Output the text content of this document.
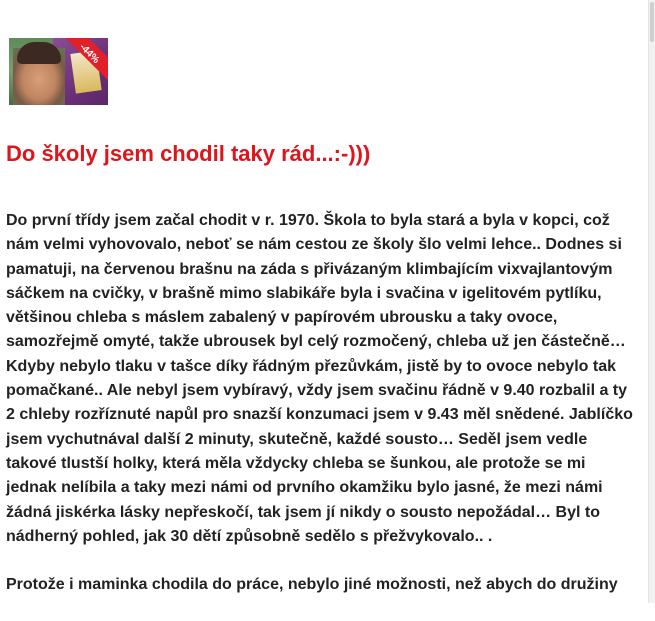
-44%
Do školy jsem chodil taky rád...:-)))

Do první třídy jsem začal chodit v r. 1970. Škola to byla stará a byla v kopci, což nám velmi vyhovovalo, neboť se nám cestou ze školy šlo velmi lehce.. Dodnes si pamatuji, na červenou brašnu na záda s přivázaným klimbajícím vixvajlantovým sáčkem na cvičky, v brašně mimo slabikáře byla i svačina v igelitovém pytlíku, většinou chleba s máslem zabalený v papírovém ubrousku a taky ovoce, samozřejmě omyté, takže ubrousek byl celý rozmočený, chleba už jen částečně… Kdyby nebylo tlaku v tašce díky řádným přezůvkám, jistě by to ovoce nebylo tak pomačkané.. Ale nebyl jsem vybíravý, vždy jsem svačinu řádně v 9.40 rozbalil a ty 2 chleby rozříznuté napůl pro snazší konzumaci jsem v 9.43 měl snědené. Jablíčko jsem vychutnával další 2 minuty, skutečně, každé sousto… Seděl jsem vedle takové tlustší holky, která měla vždycky chleba se šunkou, ale protože se mi jednak nelíbila a taky mezi námi od prvního okamžiku bylo jasné, že mezi námi žádná jiskérka lásky nepřeskočí, tak jsem jí nikdy o sousto nepožádal… Byl to nádherný pohled, jak 30 dětí způsobně sedělo s přežvykovalo.. .

Protože i maminka chodila do práce, nebylo jiné možnosti, než abych do družiny
